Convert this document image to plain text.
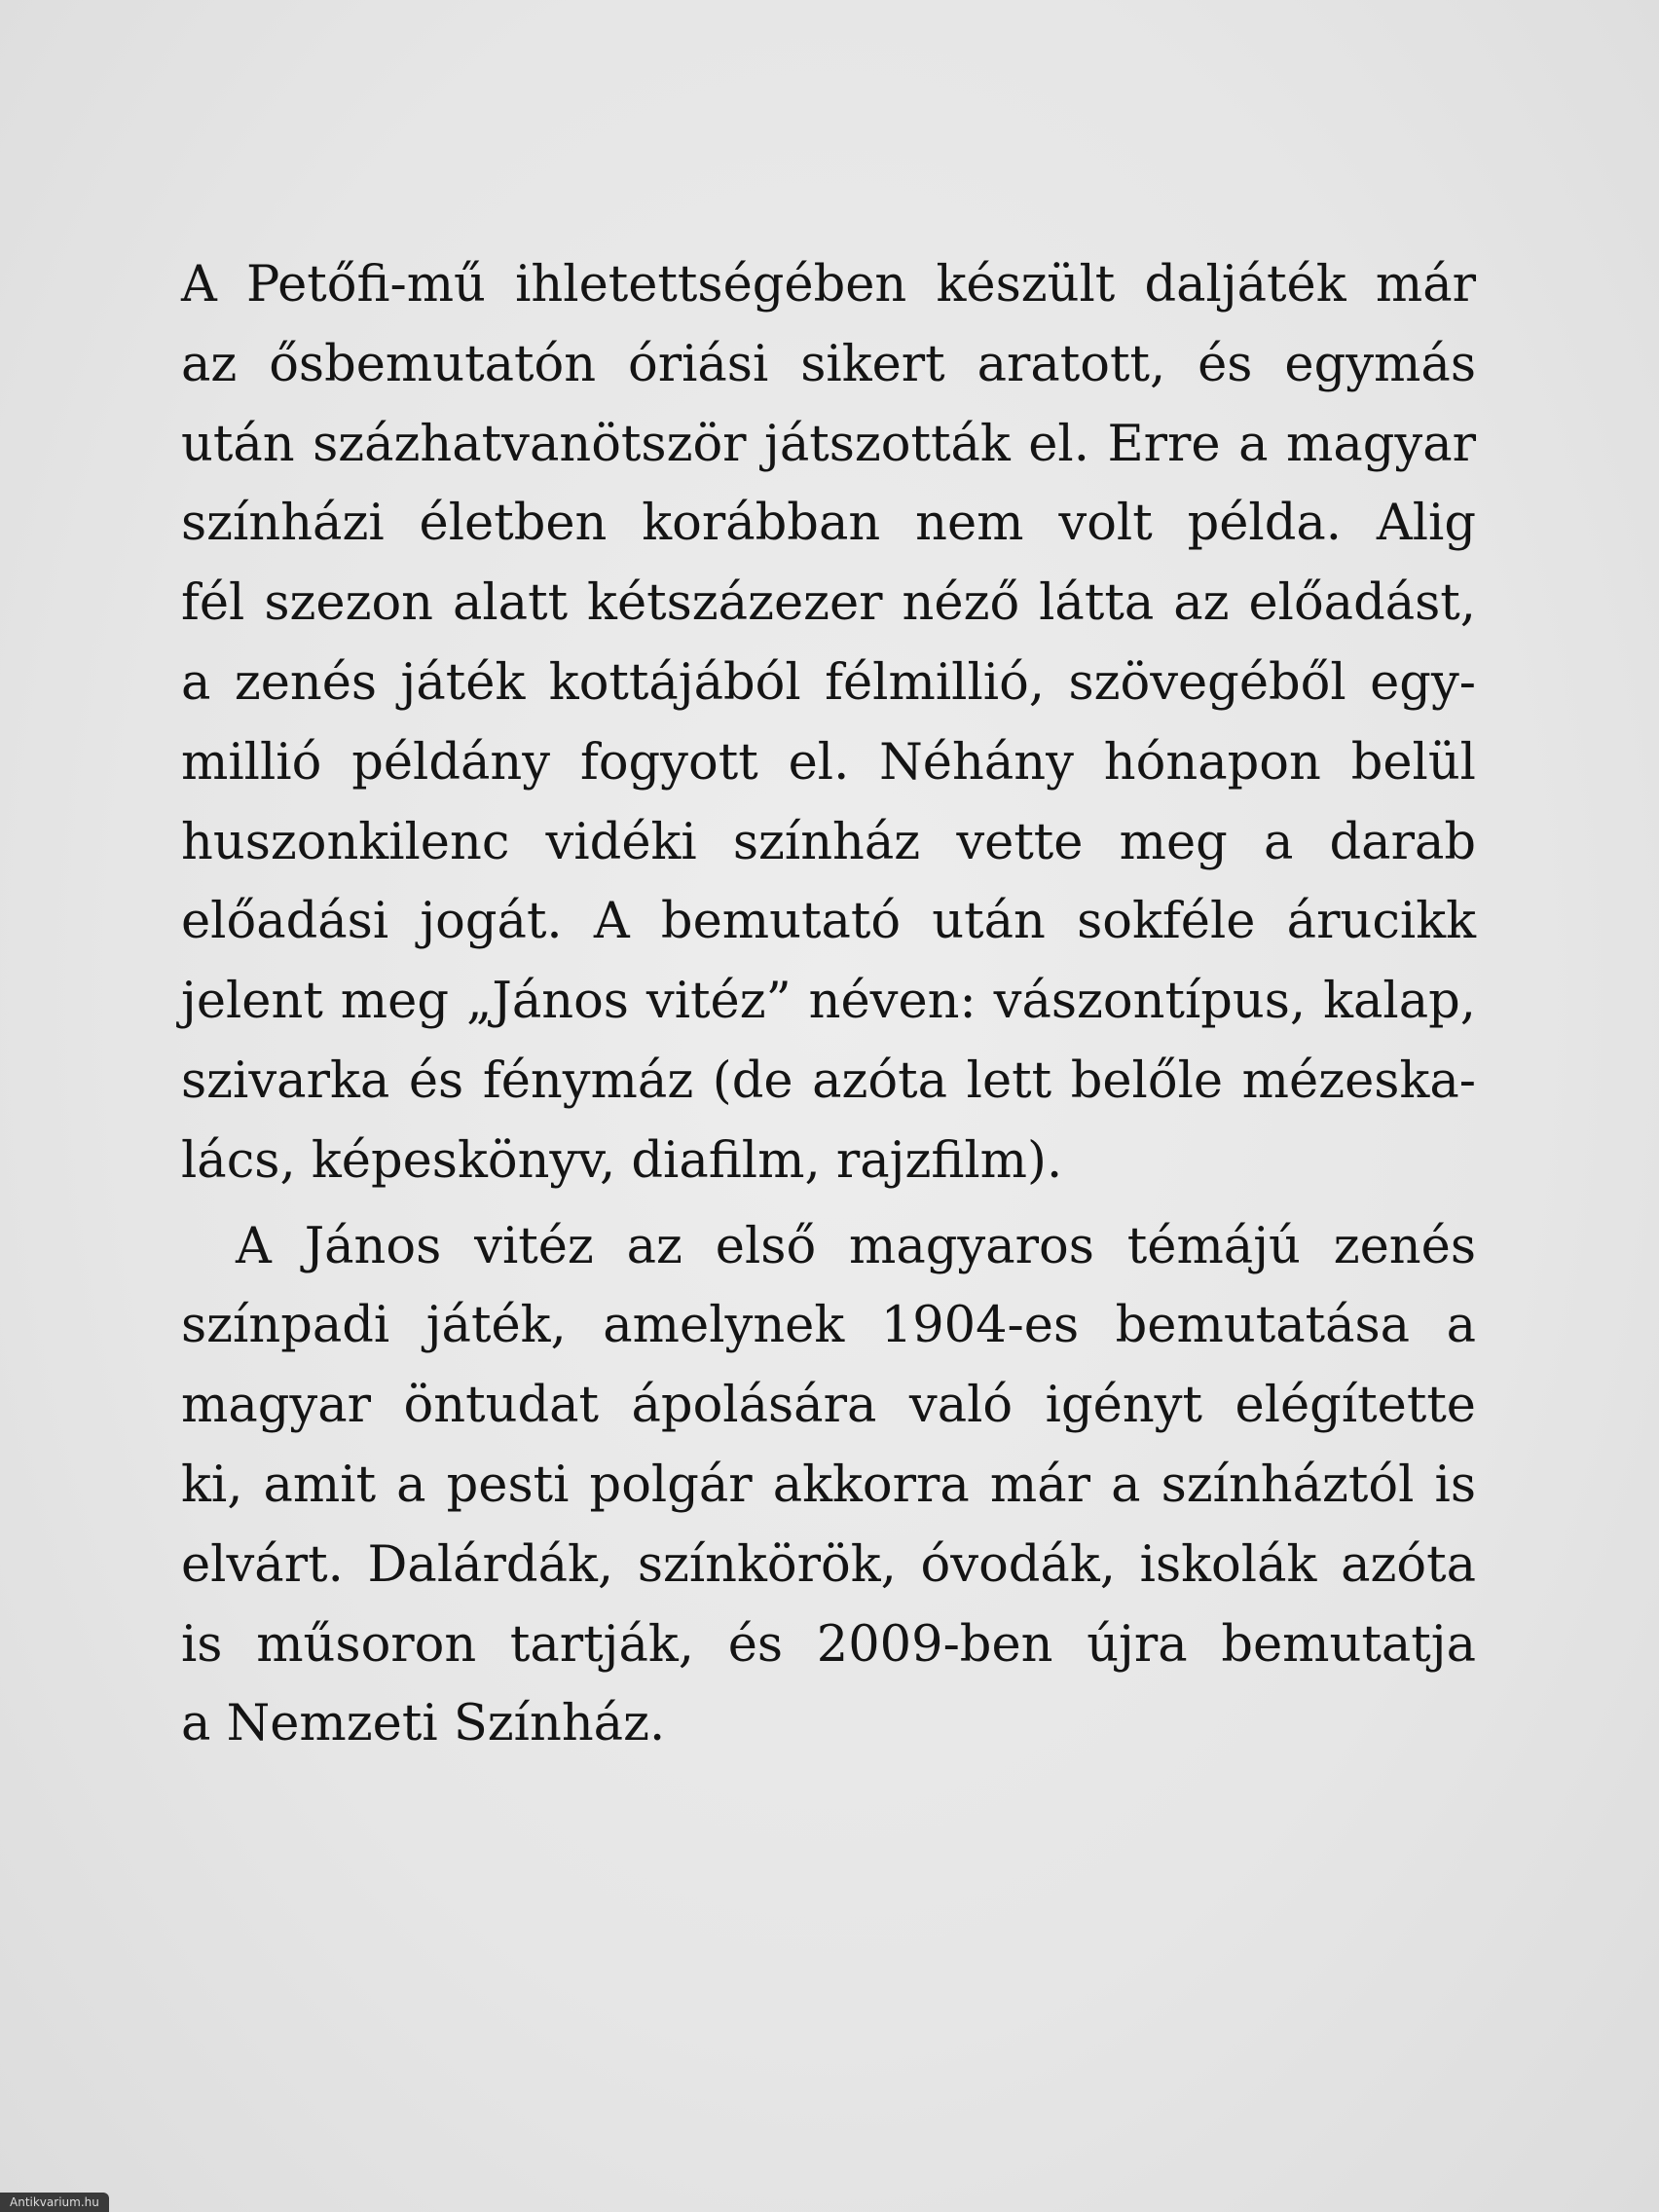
A Petőfi-mű ihletettségében készült daljáték már
az ősbemutatón óriási sikert aratott, és egymás
után százhatvanötször játszották el. Erre a magyar
színházi életben korábban nem volt példa. Alig
fél szezon alatt kétszázezer néző látta az előadást,
a zenés játék kottájából félmillió, szövegéből egy-
millió példány fogyott el. Néhány hónapon belül
huszonkilenc vidéki színház vette meg a darab
előadási jogát. A bemutató után sokféle árucikk
jelent meg „János vitéz” néven: vászontípus, kalap,
szivarka és fénymáz (de azóta lett belőle mézeska-
lács, képeskönyv, diafilm, rajzfilm).
A János vitéz az első magyaros témájú zenés
színpadi játék, amelynek 1904-es bemutatása a
magyar öntudat ápolására való igényt elégítette
ki, amit a pesti polgár akkorra már a színháztól is
elvárt. Dalárdák, színkörök, óvodák, iskolák azóta
is műsoron tartják, és 2009-ben újra bemutatja
a Nemzeti Színház.
Antikvarium.hu
